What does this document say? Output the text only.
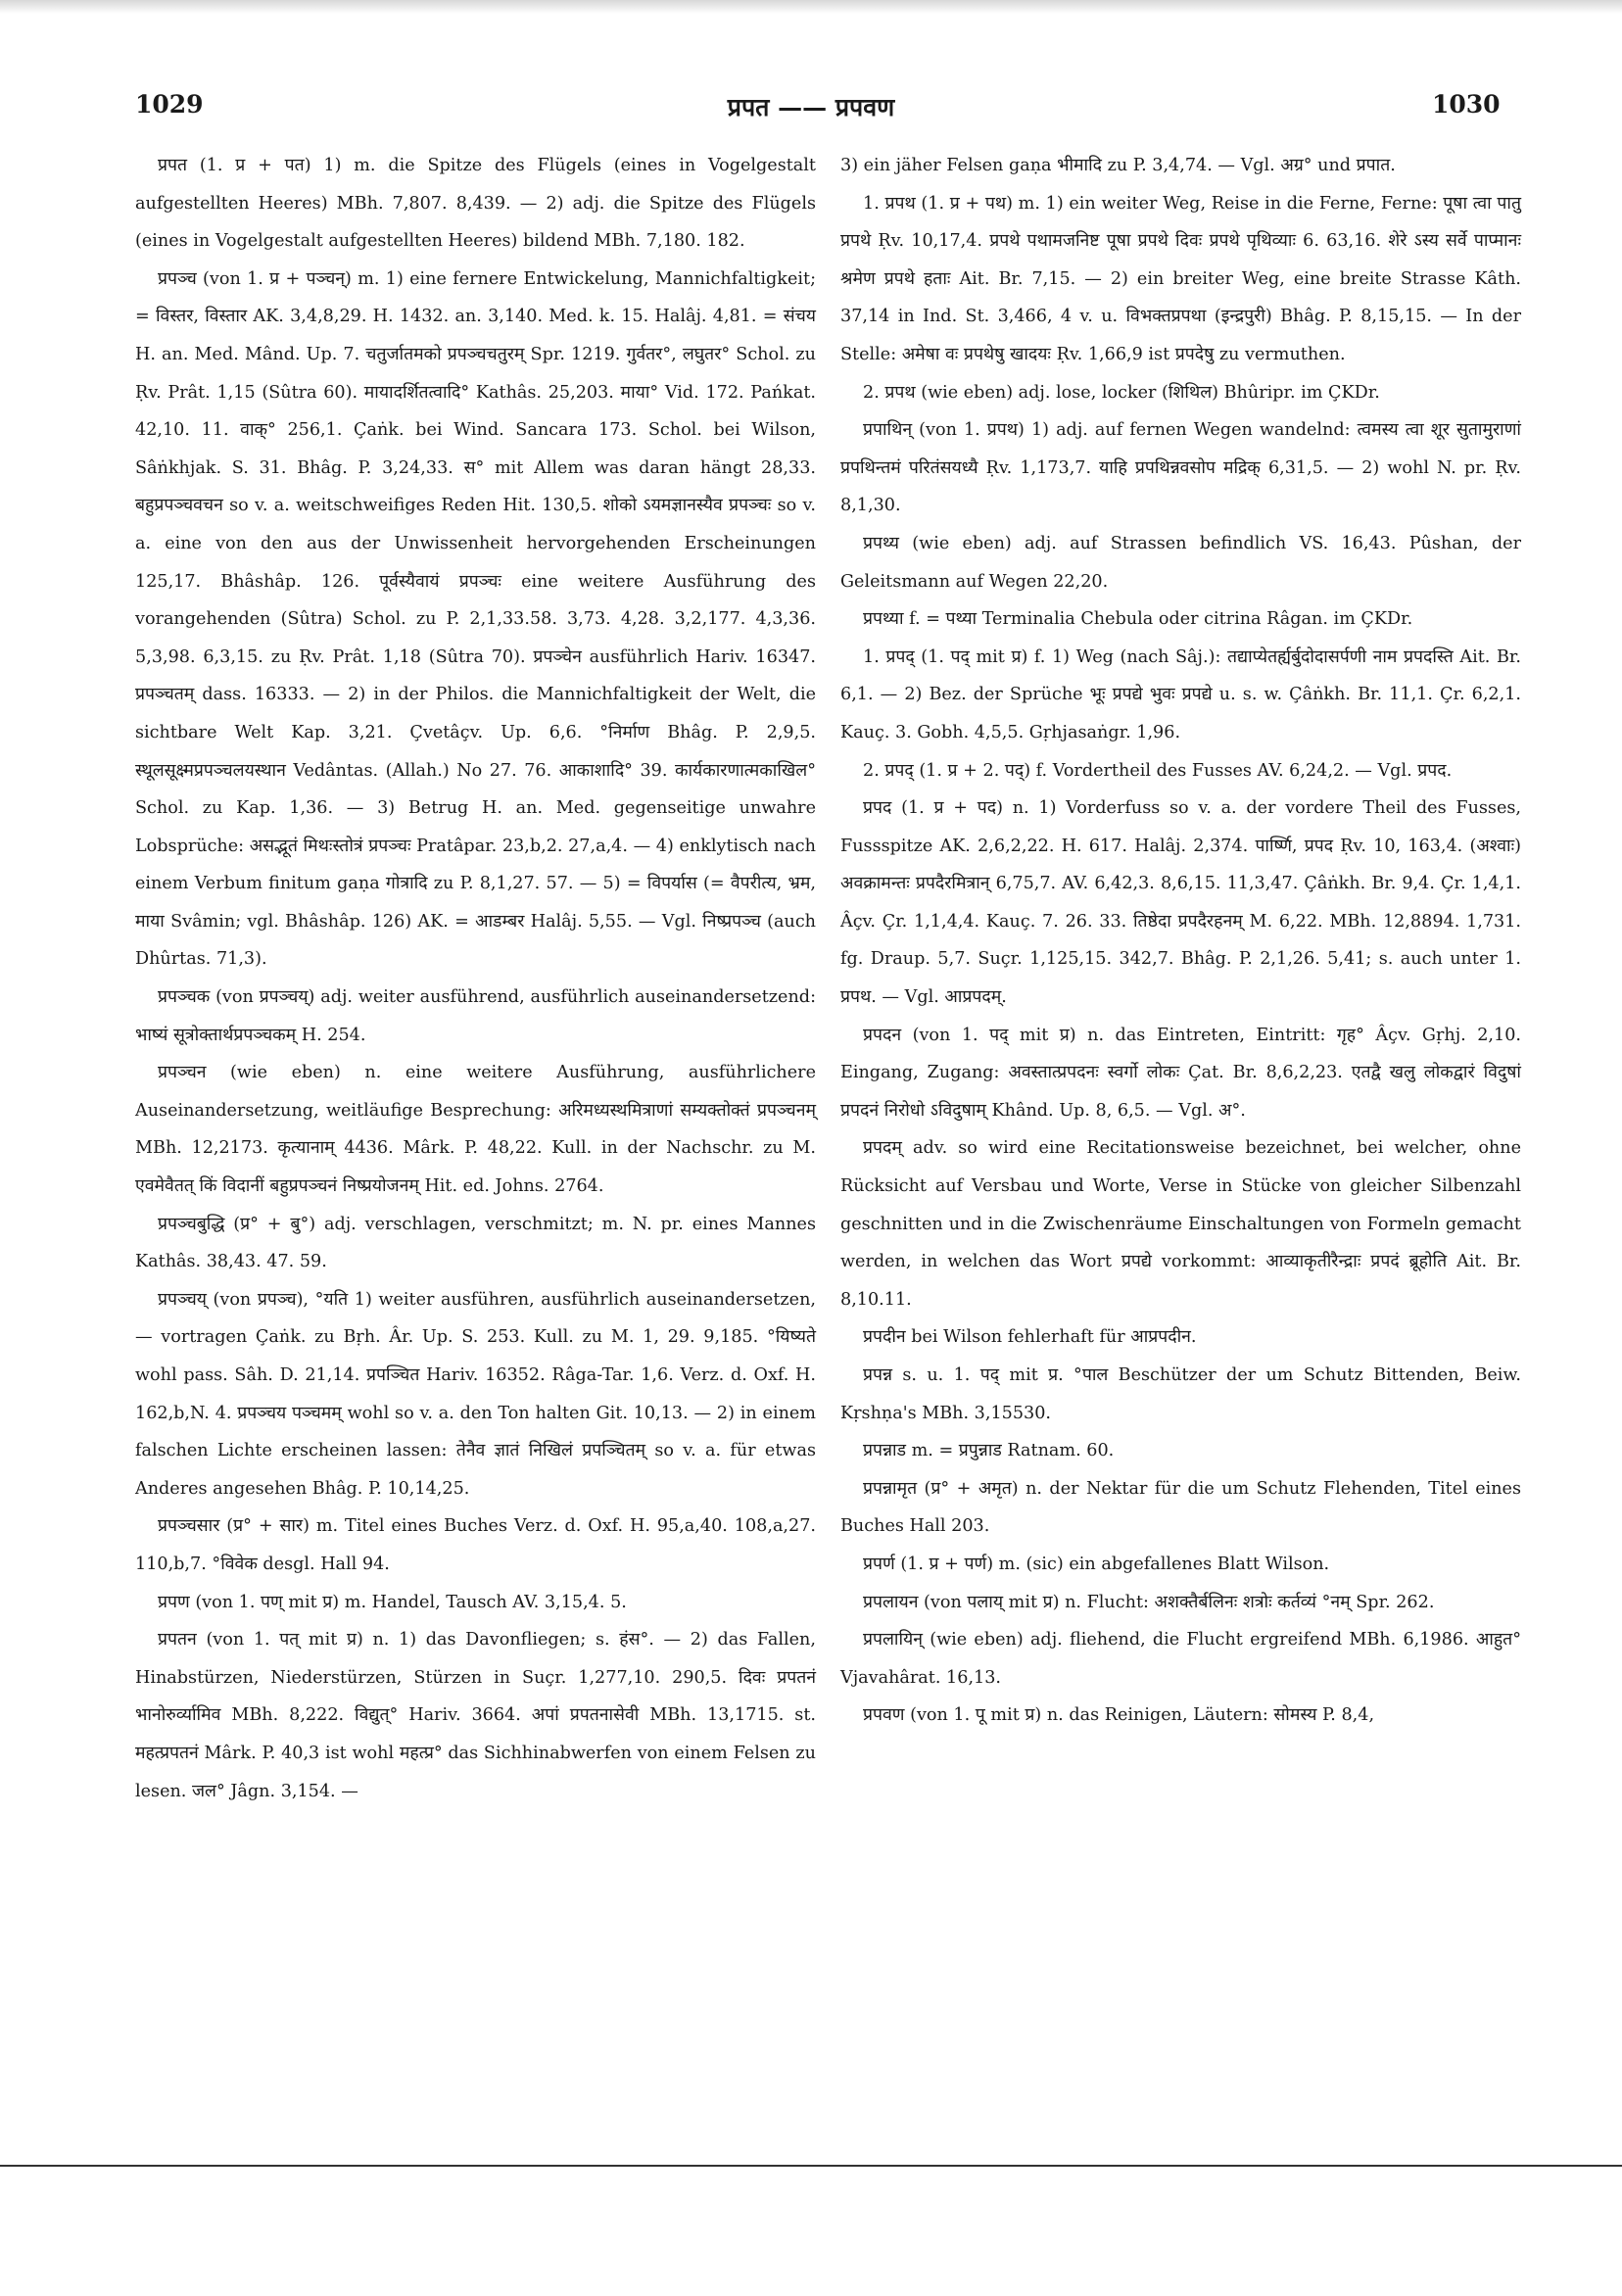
1029	प्रपत —— प्रपवण	1030

प्रपत (1. प्र + पत) 1) m. die Spitze des Flügels (eines in Vogelgestalt aufgestellten Heeres) MBh. 7,807. 8,439. — 2) adj. die Spitze des Flügels (eines in Vogelgestalt aufgestellten Heeres) bildend MBh. 7,180. 182.

प्रपञ्च (von 1. प्र + पञ्चन्) m. 1) eine fernere Entwickelung, Mannichfaltigkeit; = विस्तर, विस्तार AK. 3,4,8,29. H. 1432. an. 3,140. Med. k. 15. Halâj. 4,81. = संचय H. an. Med. Mând. Up. 7. चतुर्जातमको प्रपञ्चचतुरम् Spr. 1219. गुर्वतर°, लघुतर° Schol. zu Ṛv. Prât. 1,15 (Sûtra 60). मायादर्शितत्वादि° Kathâs. 25,203. माया° Vid. 172. Pańkat. 42,10. 11. वाक्° 256,1. Çaṅk. bei Wind. Sancara 173. Schol. bei Wilson, Sâṅkhjak. S. 31. Bhâg. P. 3,24,33. स° mit Allem was daran hängt 28,33. बहुप्रपञ्चवचन so v. a. weitschweifiges Reden Hit. 130,5. शोको ऽयमज्ञानस्यैव प्रपञ्चः so v. a. eine von den aus der Unwissenheit hervorgehenden Erscheinungen 125,17. Bhâshâp. 126. पूर्वस्यैवायं प्रपञ्चः eine weitere Ausführung des vorangehenden (Sûtra) Schol. zu P. 2,1,33.58. 3,73. 4,28. 3,2,177. 4,3,36. 5,3,98. 6,3,15. zu Ṛv. Prât. 1,18 (Sûtra 70). प्रपञ्चेन ausführlich Hariv. 16347. प्रपञ्चतम् dass. 16333. — 2) in der Philos. die Mannichfaltigkeit der Welt, die sichtbare Welt Kap. 3,21. Çvetâçv. Up. 6,6. °निर्माण Bhâg. P. 2,9,5. स्थूलसूक्ष्मप्रपञ्चलयस्थान Vedântas. (Allah.) No 27. 76. आकाशादि° 39. कार्यकारणात्मकाखिल° Schol. zu Kap. 1,36. — 3) Betrug H. an. Med. gegenseitige unwahre Lobsprüche: असद्भूतं मिथःस्तोत्रं प्रपञ्चः Pratâpar. 23,b,2. 27,a,4. — 4) enklytisch nach einem Verbum finitum gaṇa गोत्रादि zu P. 8,1,27. 57. — 5) = विपर्यास (= वैपरीत्य, भ्रम, माया Svâmin; vgl. Bhâshâp. 126) AK. = आडम्बर Halâj. 5,55. — Vgl. निष्प्रपञ्च (auch Dhûrtas. 71,3).

प्रपञ्चक (von प्रपञ्चय्) adj. weiter ausführend, ausführlich auseinandersetzend: भाष्यं सूत्रोक्तार्थप्रपञ्चकम् H. 254.

प्रपञ्चन (wie eben) n. eine weitere Ausführung, ausführlichere Auseinandersetzung, weitläufige Besprechung: अरिमध्यस्थमित्राणां सम्यक्तोक्तं प्रपञ्चनम् MBh. 12,2173. कृत्यानाम् 4436. Mârk. P. 48,22. Kull. in der Nachschr. zu M. एवमेवैतत् किं विदानीं बहुप्रपञ्चनं निष्प्रयोजनम् Hit. ed. Johns. 2764.

प्रपञ्चबुद्धि (प्र° + बु°) adj. verschlagen, verschmitzt; m. N. pr. eines Mannes Kathâs. 38,43. 47. 59.

प्रपञ्चय् (von प्रपञ्च), °यति 1) weiter ausführen, ausführlich auseinandersetzen, — vortragen Çaṅk. zu Bṛh. Âr. Up. S. 253. Kull. zu M. 1, 29. 9,185. °यिष्यते wohl pass. Sâh. D. 21,14. प्रपञ्चित Hariv. 16352. Râga-Tar. 1,6. Verz. d. Oxf. H. 162,b,N. 4. प्रपञ्चय पञ्चमम् wohl so v. a. den Ton halten Git. 10,13. — 2) in einem falschen Lichte erscheinen lassen: तेनैव ज्ञातं निखिलं प्रपञ्चितम् so v. a. für etwas Anderes angesehen Bhâg. P. 10,14,25.

प्रपञ्चसार (प्र° + सार) m. Titel eines Buches Verz. d. Oxf. H. 95,a,40. 108,a,27. 110,b,7. °विवेक desgl. Hall 94.

प्रपण (von 1. पण् mit प्र) m. Handel, Tausch AV. 3,15,4. 5.

प्रपतन (von 1. पत् mit प्र) n. 1) das Davonfliegen; s. हंस°. — 2) das Fallen, Hinabstürzen, Niederstürzen, Stürzen in Suçr. 1,277,10. 290,5. दिवः प्रपतनं भानोरुर्व्यामिव MBh. 8,222. विद्युत्° Hariv. 3664. अपां प्रपतनासेवी MBh. 13,1715. st. महत्प्रपतनं Mârk. P. 40,3 ist wohl महत्प्र° das Sichhinabwerfen von einem Felsen zu lesen. जल° Jâgn. 3,154. —

3) ein jäher Felsen gaṇa भीमादि zu P. 3,4,74. — Vgl. अग्र° und प्रपात.

1. प्रपथ (1. प्र + पथ) m. 1) ein weiter Weg, Reise in die Ferne, Ferne: पूषा त्वा पातु प्रपथे Ṛv. 10,17,4. प्रपथे पथामजनिष्ट पूषा प्रपथे दिवः प्रपथे पृथिव्याः 6. 63,16. शेरे ऽस्य सर्वे पाप्मानः श्रमेण प्रपथे हताः Ait. Br. 7,15. — 2) ein breiter Weg, eine breite Strasse Kâth. 37,14 in Ind. St. 3,466, 4 v. u. विभक्तप्रपथा (इन्द्रपुरी) Bhâg. P. 8,15,15. — In der Stelle: अमेषा वः प्रपथेषु खादयः Ṛv. 1,66,9 ist प्रपदेषु zu vermuthen.

2. प्रपथ (wie eben) adj. lose, locker (शिथिल) Bhûripr. im ÇKDr.

प्रपाथिन् (von 1. प्रपथ) 1) adj. auf fernen Wegen wandelnd: त्वमस्य त्वा शूर सुतामुराणां प्रपथिन्तमं परितंसयध्यै Ṛv. 1,173,7. याहि प्रपथिन्नवसोप मद्रिक् 6,31,5. — 2) wohl N. pr. Ṛv. 8,1,30.

प्रपथ्य (wie eben) adj. auf Strassen befindlich VS. 16,43. Pûshan, der Geleitsmann auf Wegen 22,20.

प्रपथ्या f. = पथ्या Terminalia Chebula oder citrina Râgan. im ÇKDr.

1. प्रपद् (1. पद् mit प्र) f. 1) Weg (nach Sâj.): तद्याप्येतर्ह्यर्बुदोदासर्पणी नाम प्रपदस्ति Ait. Br. 6,1. — 2) Bez. der Sprüche भूः प्रपद्ये भुवः प्रपद्ये u. s. w. Çâṅkh. Br. 11,1. Çr. 6,2,1. Kauç. 3. Gobh. 4,5,5. Gṛhjasaṅgr. 1,96.

2. प्रपद् (1. प्र + 2. पद्) f. Vordertheil des Fusses AV. 6,24,2. — Vgl. प्रपद.

प्रपद (1. प्र + पद) n. 1) Vorderfuss so v. a. der vordere Theil des Fusses, Fussspitze AK. 2,6,2,22. H. 617. Halâj. 2,374. पार्ष्णि, प्रपद Ṛv. 10, 163,4. (अश्वाः) अवक्रामन्तः प्रपदैरमित्रान् 6,75,7. AV. 6,42,3. 8,6,15. 11,3,47. Çâṅkh. Br. 9,4. Çr. 1,4,1. Âçv. Çr. 1,1,4,4. Kauç. 7. 26. 33. तिष्ठेदा प्रपदैरहनम् M. 6,22. MBh. 12,8894. 1,731. fg. Draup. 5,7. Suçr. 1,125,15. 342,7. Bhâg. P. 2,1,26. 5,41; s. auch unter 1. प्रपथ. — Vgl. आप्रपदम्.

प्रपदन (von 1. पद् mit प्र) n. das Eintreten, Eintritt: गृह° Âçv. Gṛhj. 2,10. Eingang, Zugang: अवस्तात्प्रपदनः स्वर्गो लोकः Çat. Br. 8,6,2,23. एतद्वै खलु लोकद्वारं विदुषां प्रपदनं निरोधो ऽविदुषाम् Khând. Up. 8, 6,5. — Vgl. अ°.

प्रपदम् adv. so wird eine Recitationsweise bezeichnet, bei welcher, ohne Rücksicht auf Versbau und Worte, Verse in Stücke von gleicher Silbenzahl geschnitten und in die Zwischenräume Einschaltungen von Formeln gemacht werden, in welchen das Wort प्रपद्ये vorkommt: आव्याकृतीरैन्द्राः प्रपदं ब्रूहोति Ait. Br. 8,10.11.

प्रपदीन bei Wilson fehlerhaft für आप्रपदीन.

प्रपन्न s. u. 1. पद् mit प्र. °पाल Beschützer der um Schutz Bittenden, Beiw. Kṛshṇa's MBh. 3,15530.

प्रपन्नाड m. = प्रपुन्नाड Ratnam. 60.

प्रपन्नामृत (प्र° + अमृत) n. der Nektar für die um Schutz Flehenden, Titel eines Buches Hall 203.

प्रपर्ण (1. प्र + पर्ण) m. (sic) ein abgefallenes Blatt Wilson.

प्रपलायन (von पलाय् mit प्र) n. Flucht: अशक्तैर्बलिनः शत्रोः कर्तव्यं °नम् Spr. 262.

प्रपलायिन् (wie eben) adj. fliehend, die Flucht ergreifend MBh. 6,1986. आहुत° Vjavahârat. 16,13.

प्रपवण (von 1. पू mit प्र) n. das Reinigen, Läutern: सोमस्य P. 8,4,
